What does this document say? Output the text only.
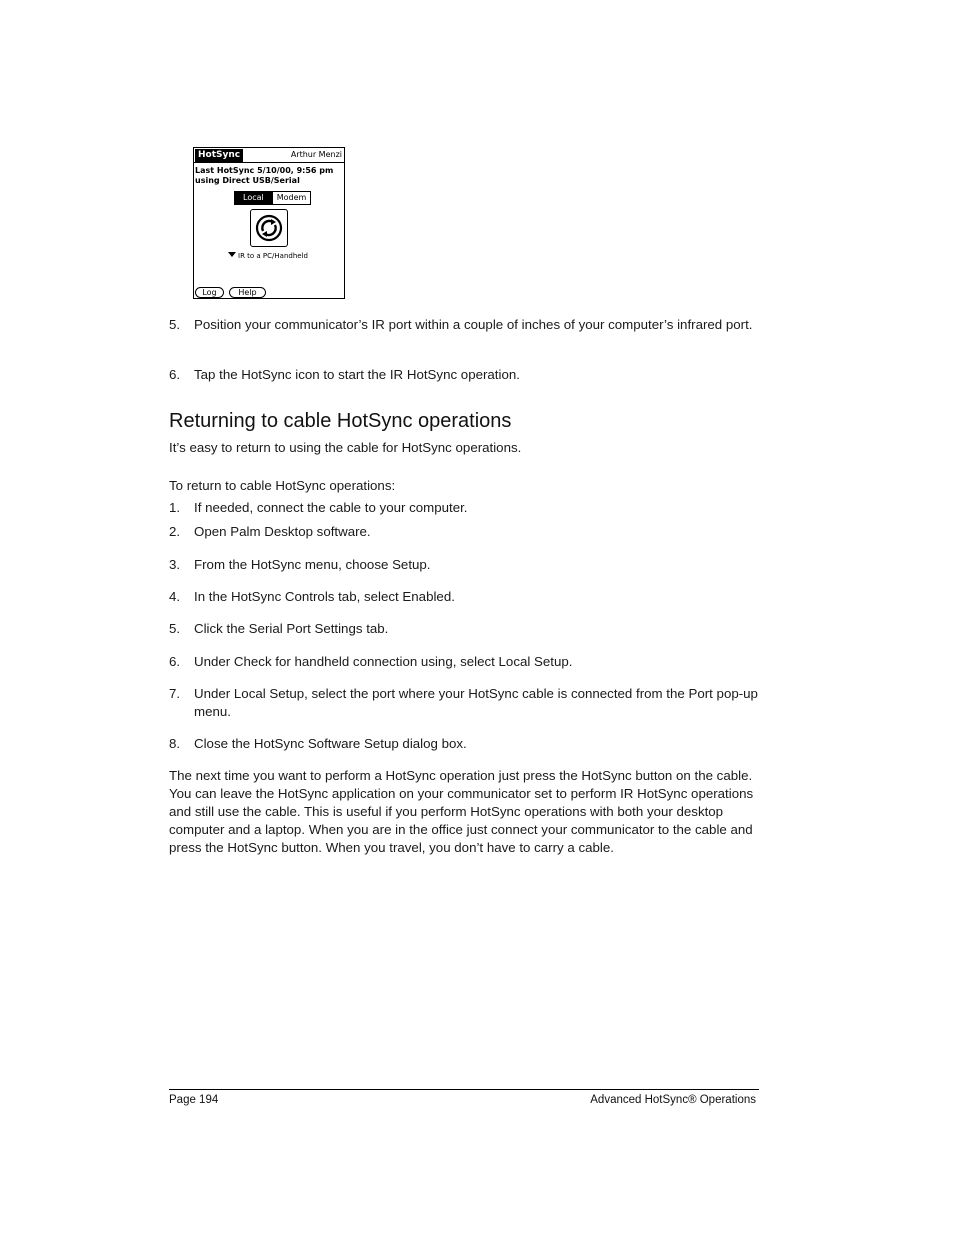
HotSync	Arthur Menzi
Last HotSync 5/10/00, 9:56 pm
using Direct USB/Serial
Local	Modem
IR to a PC/Handheld
Log	Help
5. Position your communicator’s IR port within a couple of inches of your computer’s infrared port.
6. Tap the HotSync icon to start the IR HotSync operation.
Returning to cable HotSync operations
It’s easy to return to using the cable for HotSync operations.
To return to cable HotSync operations:
1. If needed, connect the cable to your computer.
2. Open Palm Desktop software.
3. From the HotSync menu, choose Setup.
4. In the HotSync Controls tab, select Enabled.
5. Click the Serial Port Settings tab.
6. Under Check for handheld connection using, select Local Setup.
7. Under Local Setup, select the port where your HotSync cable is connected from the Port pop-up menu.
8. Close the HotSync Software Setup dialog box.
The next time you want to perform a HotSync operation just press the HotSync button on the cable. You can leave the HotSync application on your communicator set to perform IR HotSync operations and still use the cable. This is useful if you perform HotSync operations with both your desktop computer and a laptop. When you are in the office just connect your communicator to the cable and press the HotSync button. When you travel, you don’t have to carry a cable.
Page 194	Advanced HotSync® Operations
